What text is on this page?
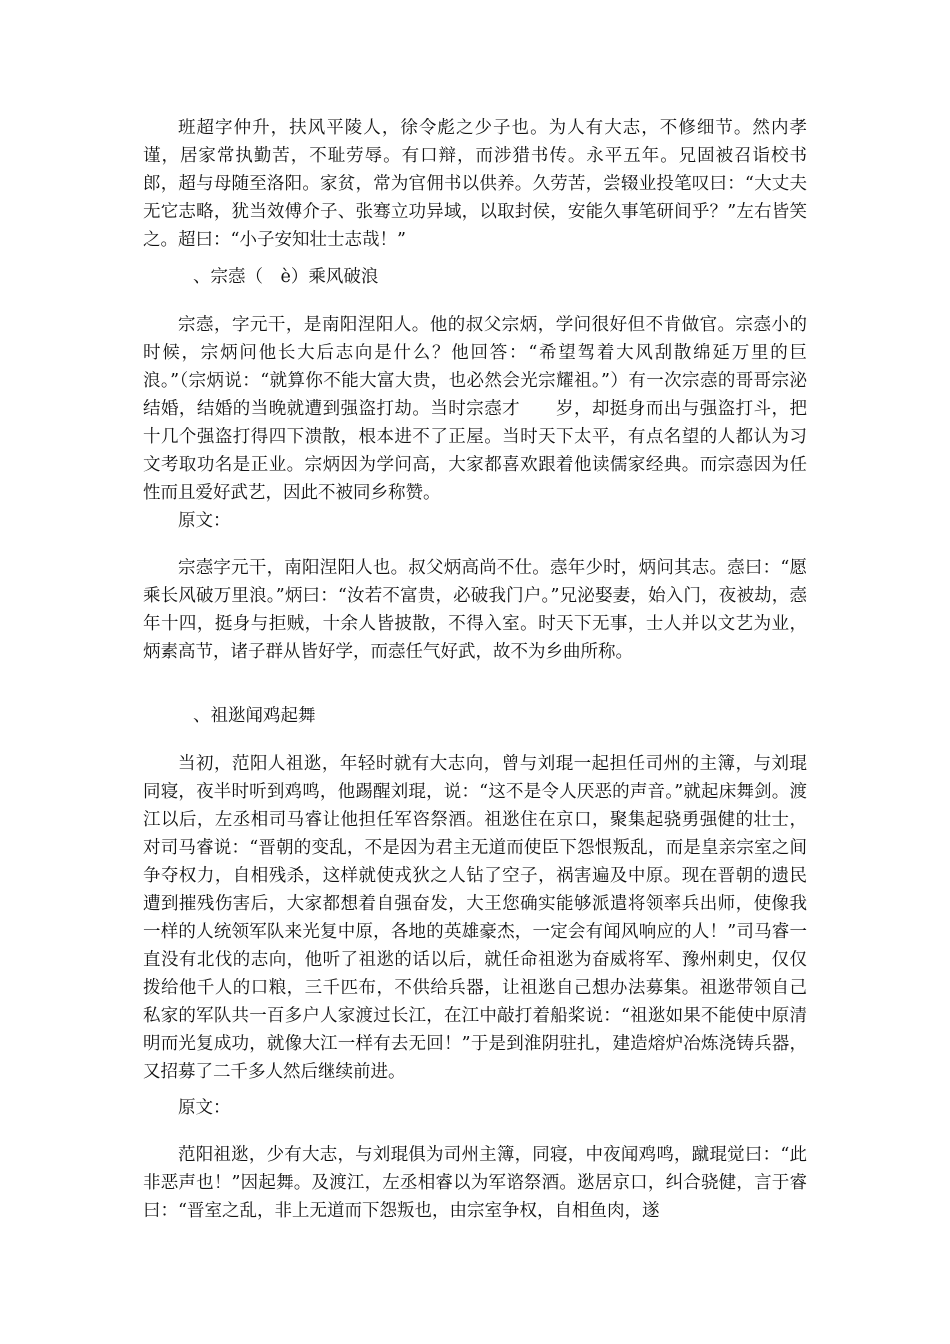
班超字仲升，扶风平陵人，徐令彪之少子也。为人有大志，不修细节。然内孝谨，居家常执勤苦，不耻劳辱。有口辩，而涉猎书传。永平五年。兄固被召诣校书郎，超与母随至洛阳。家贫，常为官佣书以供养。久劳苦，尝辍业投笔叹曰：“大丈夫无它志略，犹当效傅介子、张骞立功异域，以取封侯，安能久事笔研间乎？”左右皆笑之。超曰：“小子安知壮士志哉！”

、宗悫（　è）乘风破浪

宗悫，字元干，是南阳涅阳人。他的叔父宗炳，学问很好但不肯做官。宗悫小的时候，宗炳问他长大后志向是什么？他回答：“希望驾着大风刮散绵延万里的巨浪。”（宗炳说：“就算你不能大富大贵，也必然会光宗耀祖。”）有一次宗悫的哥哥宗泌结婚，结婚的当晚就遭到强盗打劫。当时宗悫才　　岁，却挺身而出与强盗打斗，把十几个强盗打得四下溃散，根本进不了正屋。当时天下太平，有点名望的人都认为习文考取功名是正业。宗炳因为学问高，大家都喜欢跟着他读儒家经典。而宗悫因为任性而且爱好武艺，因此不被同乡称赞。

原文：

宗悫字元干，南阳涅阳人也。叔父炳高尚不仕。悫年少时，炳问其志。悫曰：“愿乘长风破万里浪。”炳曰：“汝若不富贵，必破我门户。”兄泌娶妻，始入门，夜被劫，悫年十四，挺身与拒贼，十余人皆披散，不得入室。时天下无事，士人并以文艺为业，炳素高节，诸子群从皆好学，而悫任气好武，故不为乡曲所称。

、祖逖闻鸡起舞

当初，范阳人祖逖，年轻时就有大志向，曾与刘琨一起担任司州的主簿，与刘琨同寝，夜半时听到鸡鸣，他踢醒刘琨，说：“这不是令人厌恶的声音。”就起床舞剑。渡江以后，左丞相司马睿让他担任军咨祭酒。祖逖住在京口，聚集起骁勇强健的壮士，对司马睿说：“晋朝的变乱，不是因为君主无道而使臣下怨恨叛乱，而是皇亲宗室之间争夺权力，自相残杀，这样就使戎狄之人钻了空子，祸害遍及中原。现在晋朝的遗民遭到摧残伤害后，大家都想着自强奋发，大王您确实能够派遣将领率兵出师，使像我一样的人统领军队来光复中原，各地的英雄豪杰，一定会有闻风响应的人！”司马睿一直没有北伐的志向，他听了祖逖的话以后，就任命祖逖为奋威将军、豫州刺史，仅仅拨给他千人的口粮，三千匹布，不供给兵器，让祖逖自己想办法募集。祖逖带领自己私家的军队共一百多户人家渡过长江，在江中敲打着船桨说：“祖逖如果不能使中原清明而光复成功，就像大江一样有去无回！”于是到淮阴驻扎，建造熔炉冶炼浇铸兵器，又招募了二千多人然后继续前进。

原文：

范阳祖逖，少有大志，与刘琨俱为司州主簿，同寝，中夜闻鸡鸣，蹴琨觉曰：“此非恶声也！”因起舞。及渡江，左丞相睿以为军谘祭酒。逖居京口，纠合骁健，言于睿曰：“晋室之乱，非上无道而下怨叛也，由宗室争权，自相鱼肉，遂
